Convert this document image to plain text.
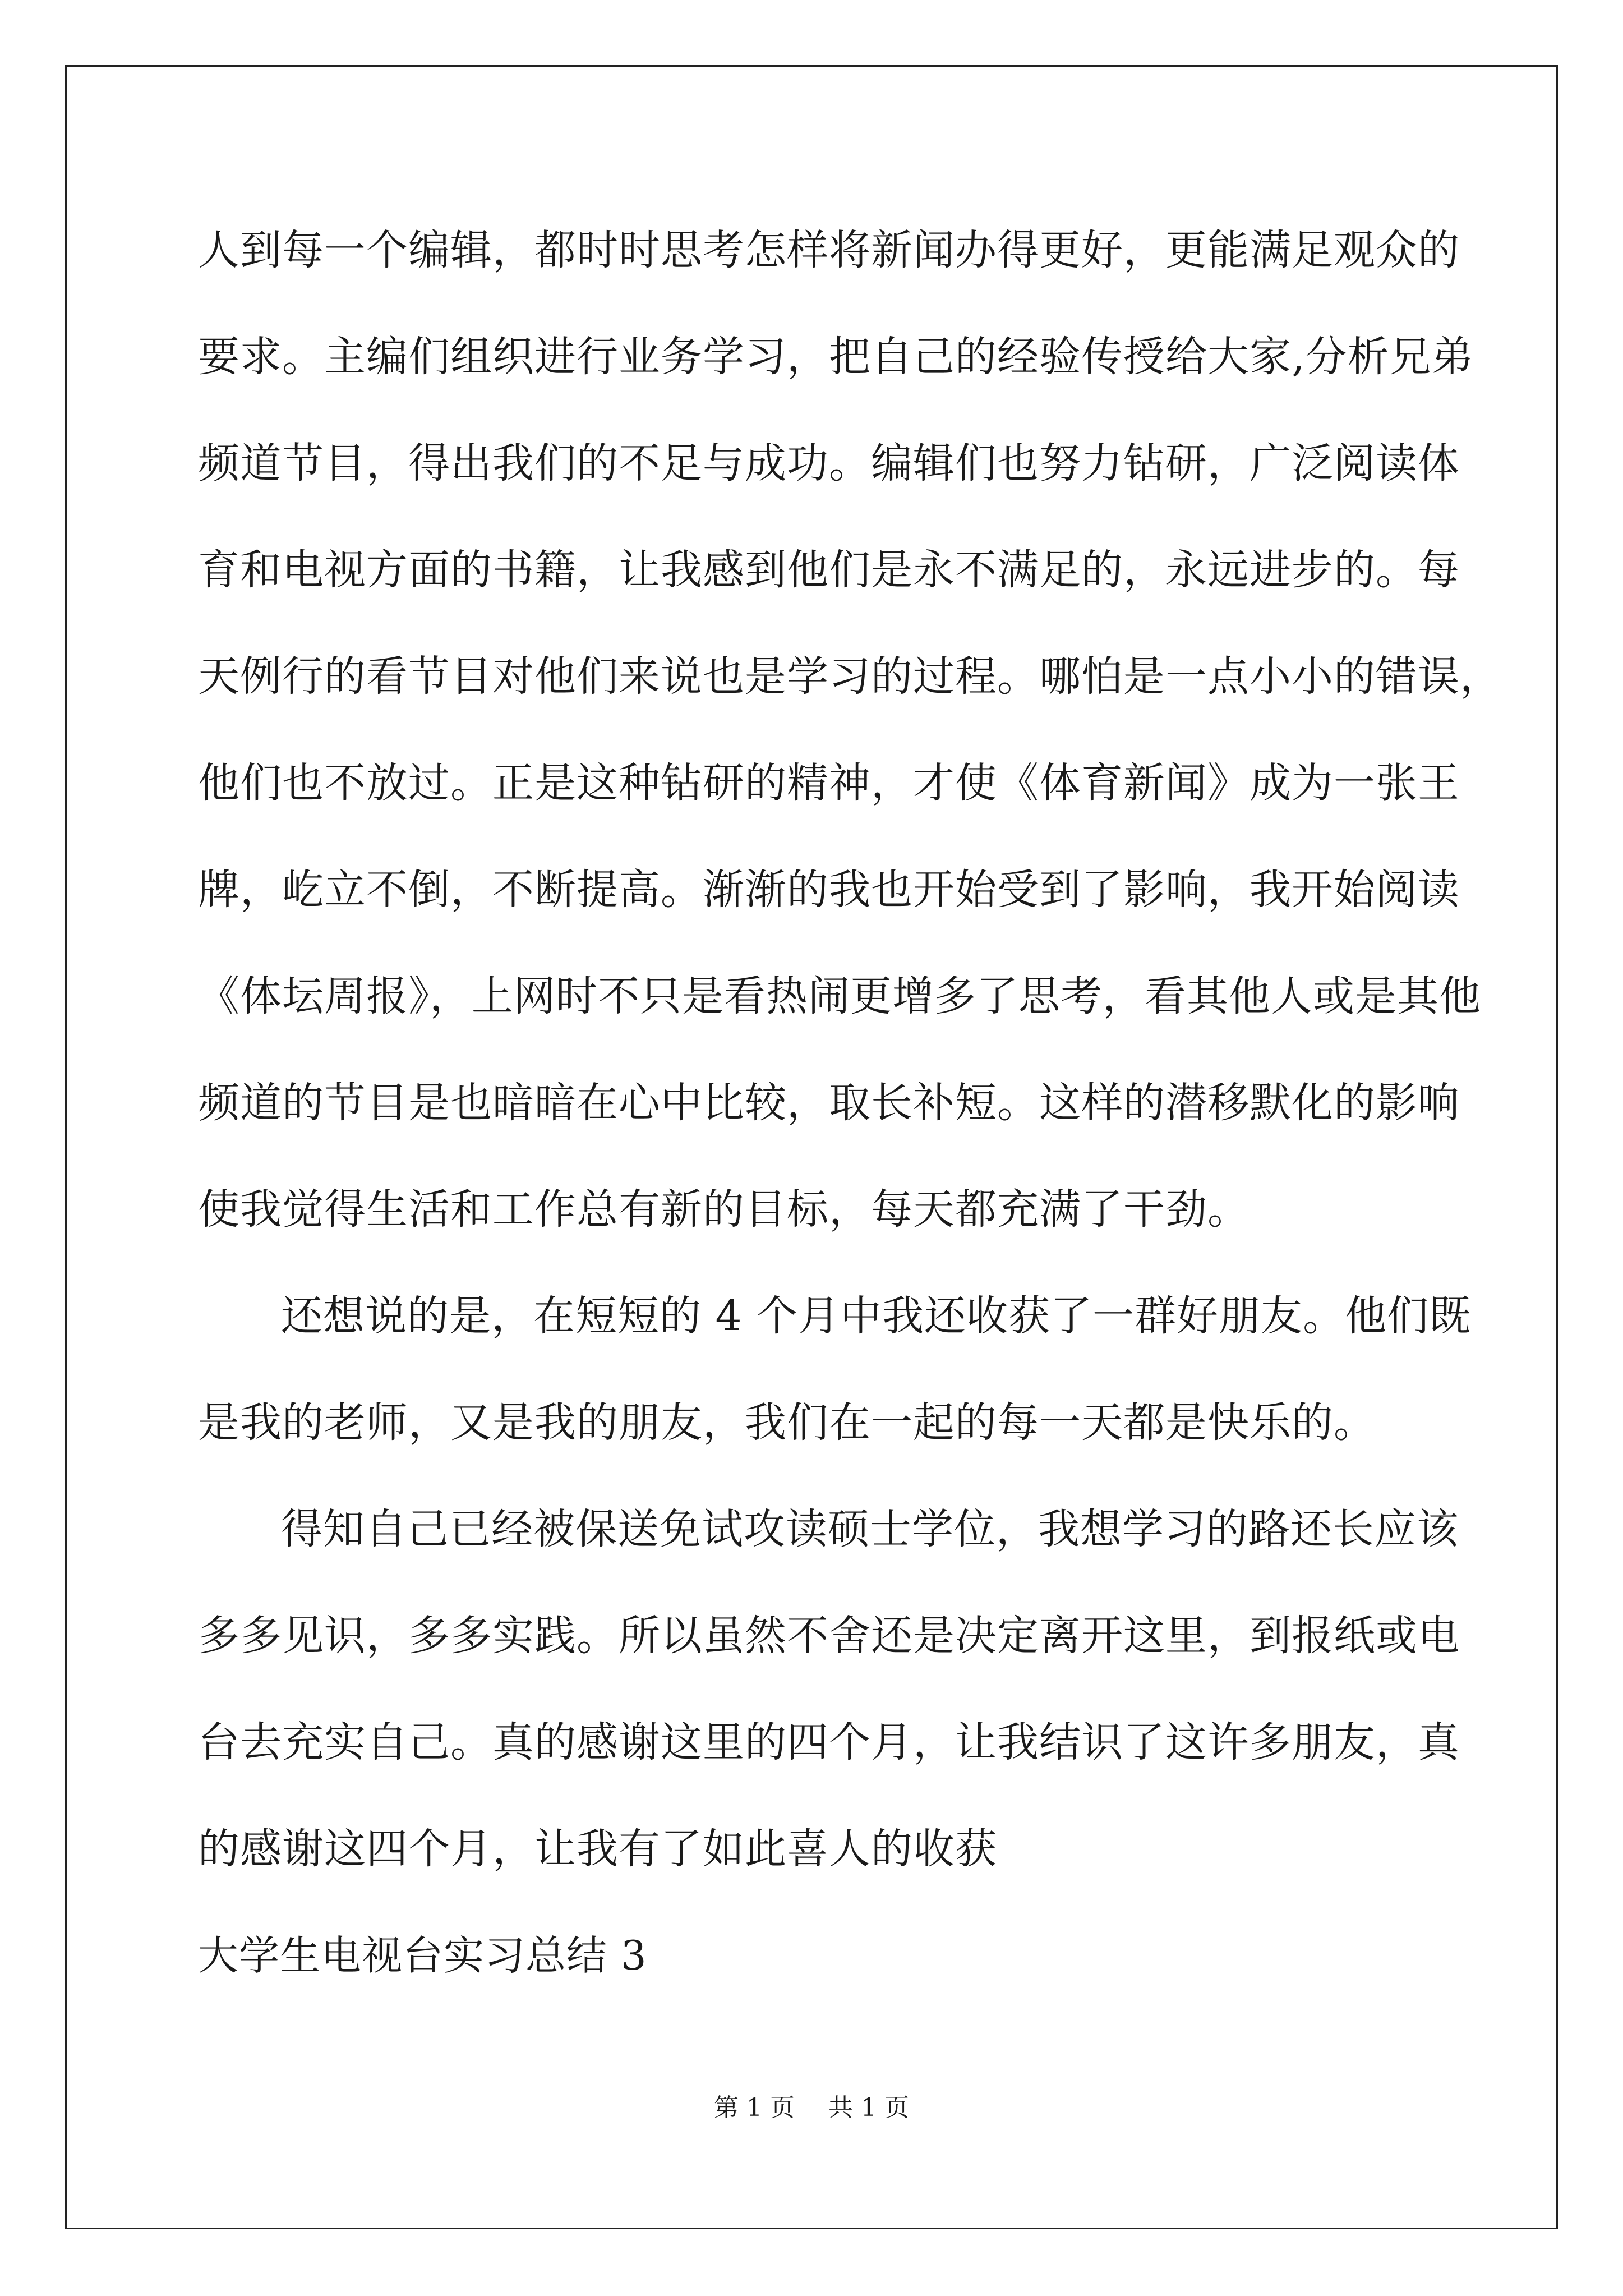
人到每一个编辑，都时时思考怎样将新闻办得更好，更能满足观众的
要求。主编们组织进行业务学习，把自己的经验传授给大家,分析兄弟
频道节目，得出我们的不足与成功。编辑们也努力钻研，广泛阅读体
育和电视方面的书籍，让我感到他们是永不满足的，永远进步的。每
天例行的看节目对他们来说也是学习的过程。哪怕是一点小小的错误，
他们也不放过。正是这种钻研的精神，才使《体育新闻》成为一张王
牌，屹立不倒，不断提高。渐渐的我也开始受到了影响，我开始阅读
《体坛周报》，上网时不只是看热闹更增多了思考，看其他人或是其他
频道的节目是也暗暗在心中比较，取长补短。这样的潜移默化的影响
使我觉得生活和工作总有新的目标，每天都充满了干劲。
还想说的是，在短短的 4 个月中我还收获了一群好朋友。他们既
是我的老师，又是我的朋友，我们在一起的每一天都是快乐的。
得知自己已经被保送免试攻读硕士学位，我想学习的路还长应该
多多见识，多多实践。所以虽然不舍还是决定离开这里，到报纸或电
台去充实自己。真的感谢这里的四个月，让我结识了这许多朋友，真
的感谢这四个月，让我有了如此喜人的收获
大学生电视台实习总结 3
第 1 页 共 1 页
